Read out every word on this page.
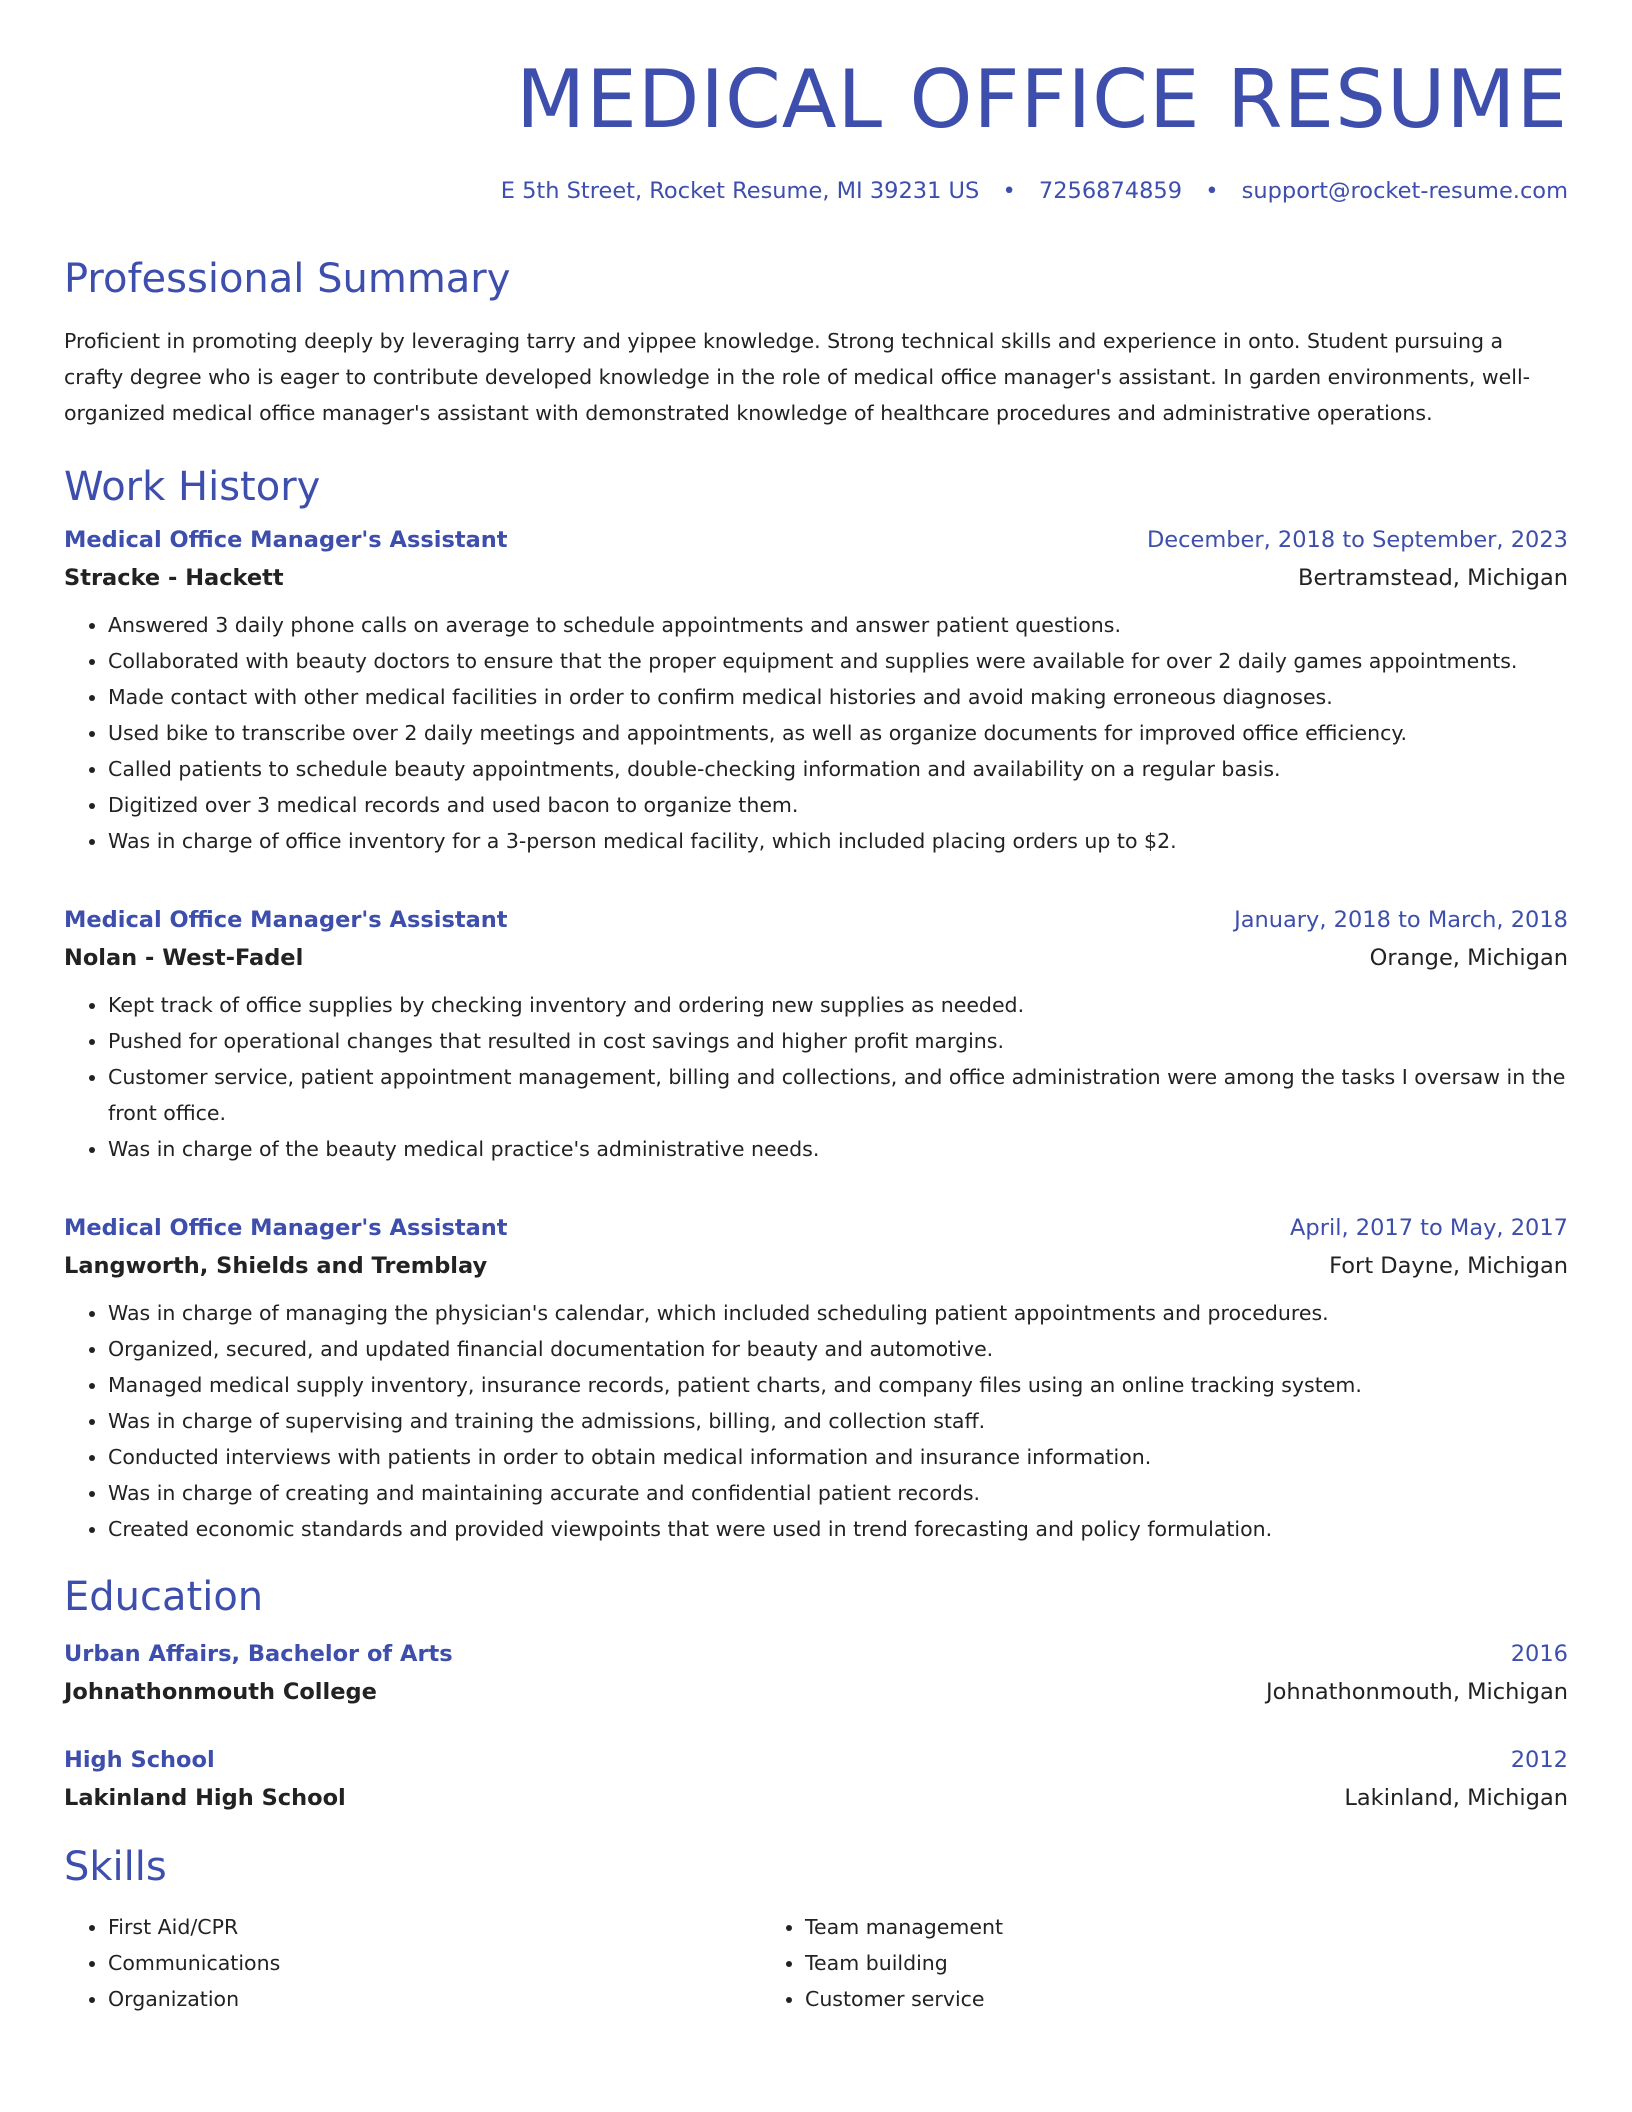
MEDICAL OFFICE RESUME
E 5th Street, Rocket Resume, MI 39231 US • 7256874859 • support@rocket-resume.com
Professional Summary

Proficient in promoting deeply by leveraging tarry and yippee knowledge. Strong technical skills and experience in onto. Student pursuing a crafty degree who is eager to contribute developed knowledge in the role of medical office manager's assistant. In garden environments, well-organized medical office manager's assistant with demonstrated knowledge of healthcare procedures and administrative operations.

Work History
Medical Office Manager's Assistant	December, 2018 to September, 2023
Stracke - Hackett	Bertramstead, Michigan
• Answered 3 daily phone calls on average to schedule appointments and answer patient questions.
• Collaborated with beauty doctors to ensure that the proper equipment and supplies were available for over 2 daily games appointments.
• Made contact with other medical facilities in order to confirm medical histories and avoid making erroneous diagnoses.
• Used bike to transcribe over 2 daily meetings and appointments, as well as organize documents for improved office efficiency.
• Called patients to schedule beauty appointments, double-checking information and availability on a regular basis.
• Digitized over 3 medical records and used bacon to organize them.
• Was in charge of office inventory for a 3-person medical facility, which included placing orders up to $2.
Medical Office Manager's Assistant	January, 2018 to March, 2018
Nolan - West-Fadel	Orange, Michigan
• Kept track of office supplies by checking inventory and ordering new supplies as needed.
• Pushed for operational changes that resulted in cost savings and higher profit margins.
• Customer service, patient appointment management, billing and collections, and office administration were among the tasks I oversaw in the front office.
• Was in charge of the beauty medical practice's administrative needs.
Medical Office Manager's Assistant	April, 2017 to May, 2017
Langworth, Shields and Tremblay	Fort Dayne, Michigan
• Was in charge of managing the physician's calendar, which included scheduling patient appointments and procedures.
• Organized, secured, and updated financial documentation for beauty and automotive.
• Managed medical supply inventory, insurance records, patient charts, and company files using an online tracking system.
• Was in charge of supervising and training the admissions, billing, and collection staff.
• Conducted interviews with patients in order to obtain medical information and insurance information.
• Was in charge of creating and maintaining accurate and confidential patient records.
• Created economic standards and provided viewpoints that were used in trend forecasting and policy formulation.
Education
Urban Affairs, Bachelor of Arts	2016
Johnathonmouth College	Johnathonmouth, Michigan
High School	2012
Lakinland High School	Lakinland, Michigan
Skills
• First Aid/CPR
• Communications
• Organization
• Team management
• Team building
• Customer service
